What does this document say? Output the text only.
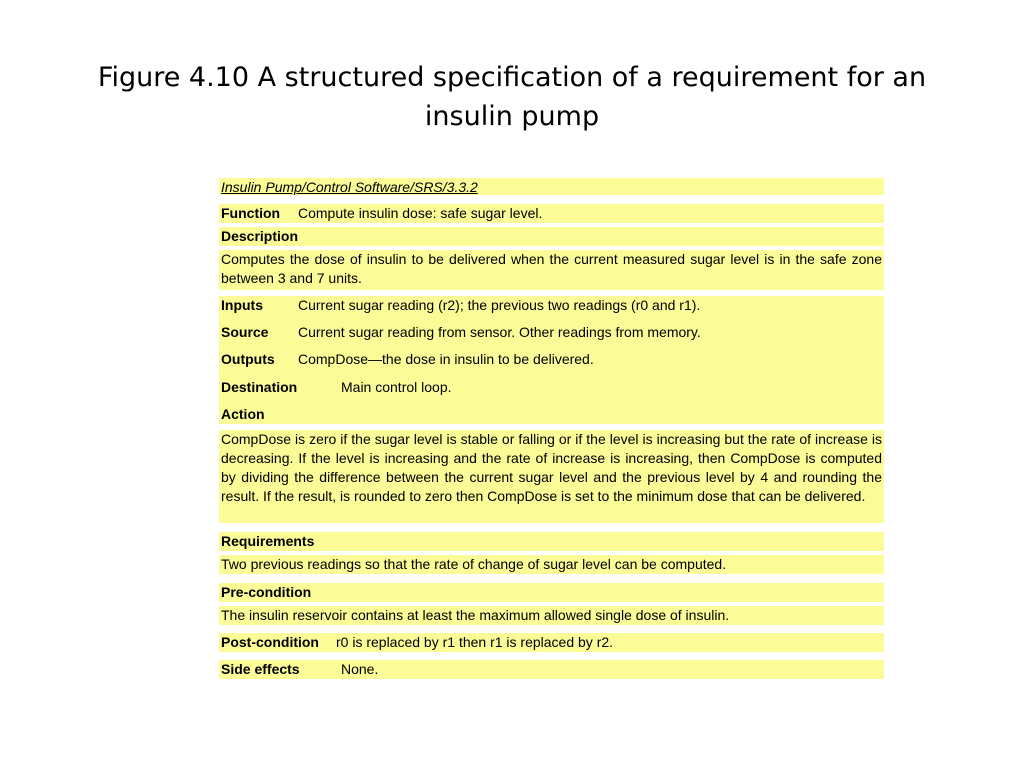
Figure 4.10 A structured specification of a requirement for an insulin pump
Insulin Pump/Control Software/SRS/3.3.2
Function Compute insulin dose: safe sugar level.
Description
Computes the dose of insulin to be delivered when the current measured sugar level is in the safe zone between 3 and 7 units.
Inputs	Current sugar reading (r2); the previous two readings (r0 and r1).
Source Current sugar reading from sensor. Other readings from memory.
Outputs CompDose—the dose in insulin to be delivered.
Destination	Main control loop.
Action
CompDose is zero if the sugar level is stable or falling or if the level is increasing but the rate of increase is decreasing. If the level is increasing and the rate of increase is increasing, then CompDose is computed by dividing the difference between the current sugar level and the previous level by 4 and rounding the result. If the result, is rounded to zero then CompDose is set to the minimum dose that can be delivered.
Requirements
Two previous readings so that the rate of change of sugar level can be computed.
Pre-condition
The insulin reservoir contains at least the maximum allowed single dose of insulin.
Post-condition r0 is replaced by r1 then r1 is replaced by r2.
Side effects	None.
